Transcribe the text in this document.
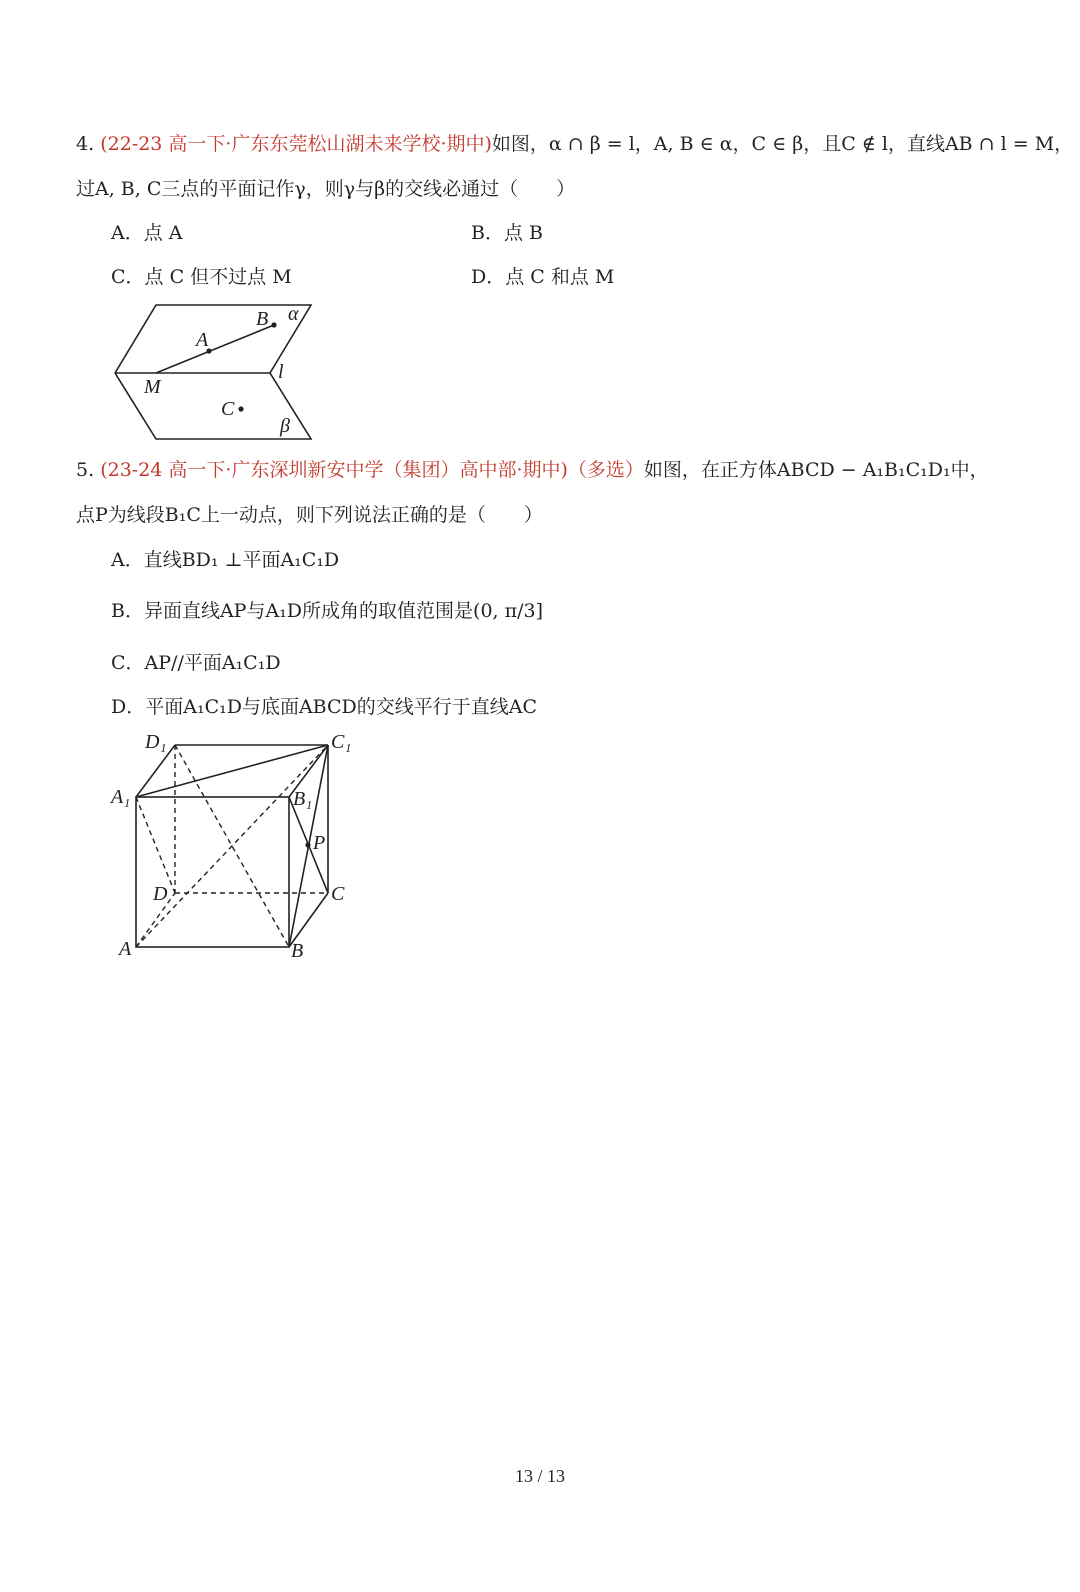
4. (22-23 高一下·广东东莞松山湖未来学校·期中)如图，α ∩ β = l，A, B ∈ α，C ∈ β，且C ∉ l，直线AB ∩ l = M，
过A, B, C三点的平面记作γ，则γ与β的交线必通过（　　）
A．点 A	B．点 B
C．点 C 但不过点 M	D．点 C 和点 M
B α
A
l
M
C
β
5. (23-24 高一下·广东深圳新安中学（集团）高中部·期中)（多选）如图，在正方体ABCD − A₁B₁C₁D₁中，
点P为线段B₁C上一动点，则下列说法正确的是（　　）
A．直线BD₁ ⊥平面A₁C₁D
B．异面直线AP与A₁D所成角的取值范围是(0, π/3]
C．AP//平面A₁C₁D
D．平面A₁C₁D与底面ABCD的交线平行于直线AC
D₁	C₁
A₁	B₁
P
D	C
A	B
13 / 13
